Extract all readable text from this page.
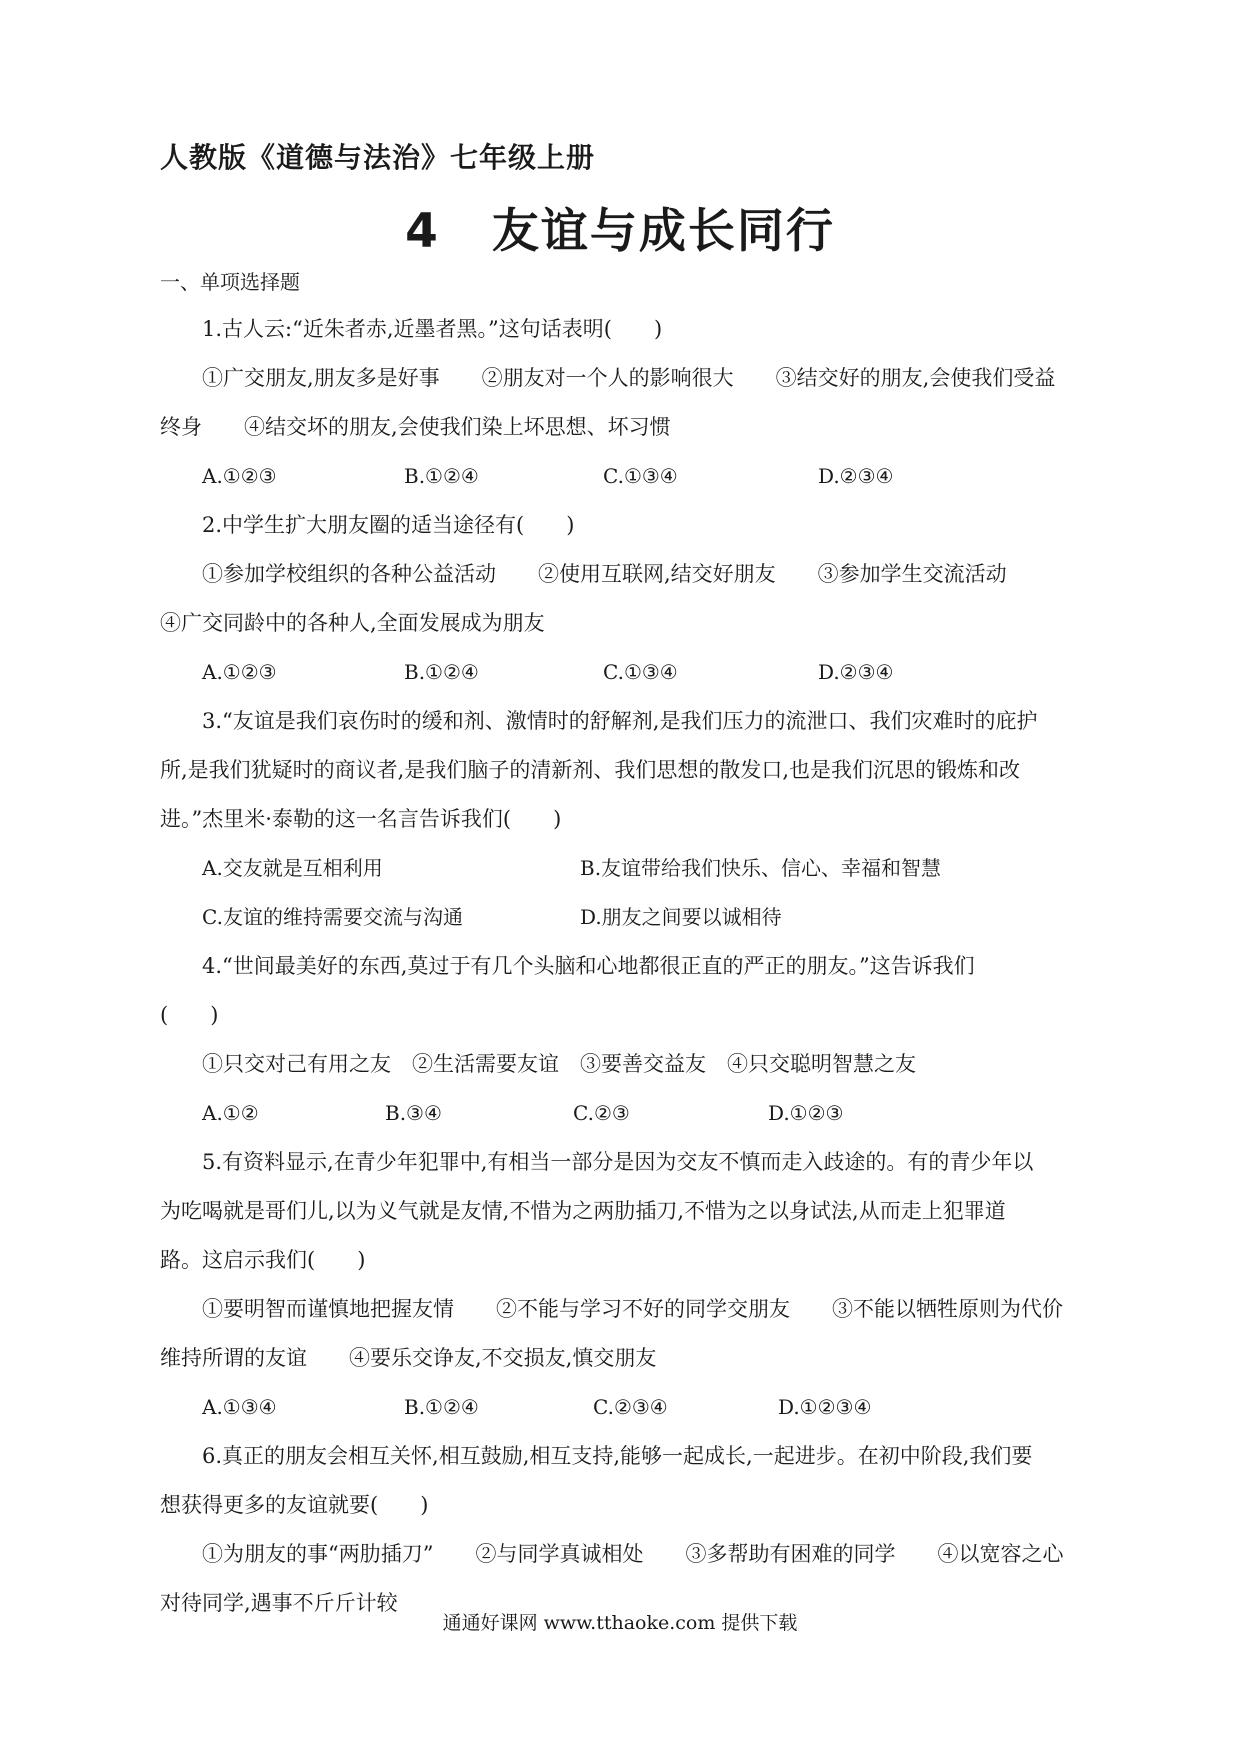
人教版《道德与法治》七年级上册
4 友谊与成长同行
一、单项选择题
1.古人云:“近朱者赤,近墨者黑。”这句话表明(　　)
①广交朋友,朋友多是好事　　②朋友对一个人的影响很大　　③结交好的朋友,会使我们受益
终身　　④结交坏的朋友,会使我们染上坏思想、坏习惯
A.①②③	B.①②④	C.①③④	D.②③④
2.中学生扩大朋友圈的适当途径有(　　)
①参加学校组织的各种公益活动　　②使用互联网,结交好朋友　　③参加学生交流活动
④广交同龄中的各种人,全面发展成为朋友
A.①②③	B.①②④	C.①③④	D.②③④
3.“友谊是我们哀伤时的缓和剂、激情时的舒解剂,是我们压力的流泄口、我们灾难时的庇护
所,是我们犹疑时的商议者,是我们脑子的清新剂、我们思想的散发口,也是我们沉思的锻炼和改
进。”杰里米·泰勒的这一名言告诉我们(　　)
A.交友就是互相利用	B.友谊带给我们快乐、信心、幸福和智慧
C.友谊的维持需要交流与沟通	D.朋友之间要以诚相待
4.“世间最美好的东西,莫过于有几个头脑和心地都很正直的严正的朋友。”这告诉我们
(　　)
①只交对己有用之友　②生活需要友谊　③要善交益友　④只交聪明智慧之友
A.①②	B.③④	C.②③	D.①②③
5.有资料显示,在青少年犯罪中,有相当一部分是因为交友不慎而走入歧途的。有的青少年以
为吃喝就是哥们儿,以为义气就是友情,不惜为之两肋插刀,不惜为之以身试法,从而走上犯罪道
路。这启示我们(　　)
①要明智而谨慎地把握友情　　②不能与学习不好的同学交朋友　　③不能以牺牲原则为代价
维持所谓的友谊　　④要乐交诤友,不交损友,慎交朋友
A.①③④	B.①②④	C.②③④	D.①②③④
6.真正的朋友会相互关怀,相互鼓励,相互支持,能够一起成长,一起进步。在初中阶段,我们要
想获得更多的友谊就要(　　)
①为朋友的事“两肋插刀”　　②与同学真诚相处　　③多帮助有困难的同学　　④以宽容之心
对待同学,遇事不斤斤计较
通通好课网 www.tthaoke.com 提供下载
